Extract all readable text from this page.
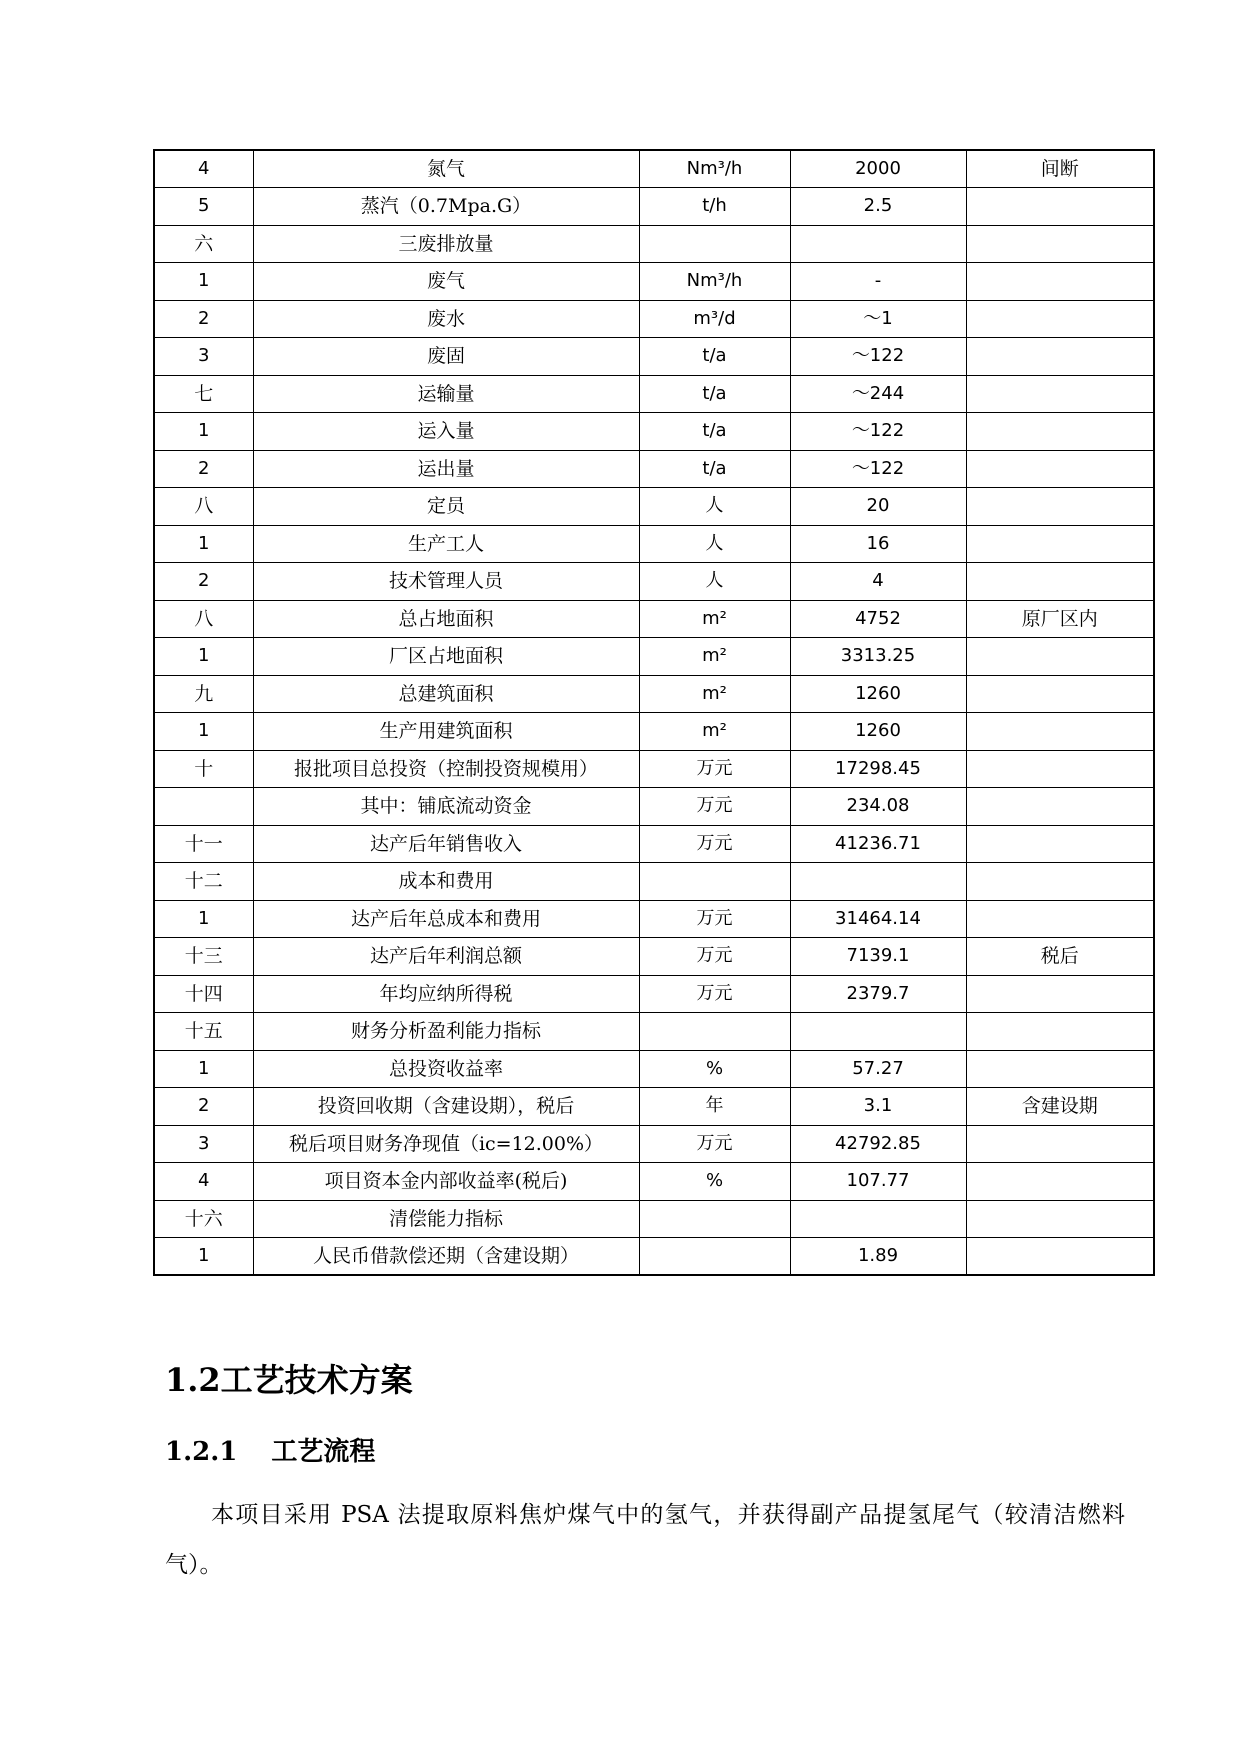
4	氮气	Nm³/h	2000	间断
5	蒸汽（0.7Mpa.G）	t/h	2.5	
六	三废排放量			
1	废气	Nm³/h	-	
2	废水	m³/d	～1	
3	废固	t/a	～122	
七	运输量	t/a	～244	
1	运入量	t/a	～122	
2	运出量	t/a	～122	
八	定员	人	20	
1	生产工人	人	16	
2	技术管理人员	人	4	
八	总占地面积	m²	4752	原厂区内
1	厂区占地面积	m²	3313.25	
九	总建筑面积	m²	1260	
1	生产用建筑面积	m²	1260	
十	报批项目总投资（控制投资规模用）	万元	17298.45	
	其中：铺底流动资金	万元	234.08	
十一	达产后年销售收入	万元	41236.71	
十二	成本和费用			
1	达产后年总成本和费用	万元	31464.14	
十三	达产后年利润总额	万元	7139.1	税后
十四	年均应纳所得税	万元	2379.7	
十五	财务分析盈利能力指标			
1	总投资收益率	%	57.27	
2	投资回收期（含建设期），税后	年	3.1	含建设期
3	税后项目财务净现值（ic=12.00%）	万元	42792.85	
4	项目资本金内部收益率(税后)	%	107.77	
十六	清偿能力指标			
1	人民币借款偿还期（含建设期）		1.89	
1.2工艺技术方案
1.2.1 工艺流程
本项目采用 PSA 法提取原料焦炉煤气中的氢气，并获得副产品提氢尾气（较清洁燃料气）。
